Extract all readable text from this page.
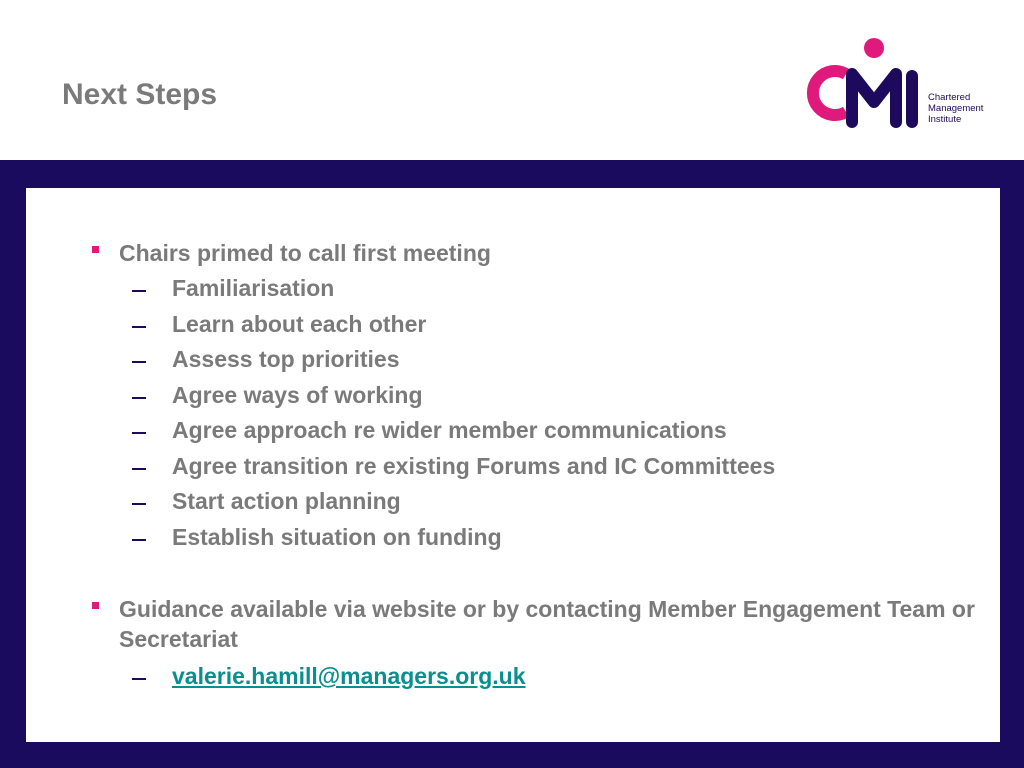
Next Steps	Chartered
Management
Institute
Chairs primed to call first meeting
Familiarisation
Learn about each other
Assess top priorities
Agree ways of working
Agree approach re wider member communications
Agree transition re existing Forums and IC Committees
Start action planning
Establish situation on funding
Guidance available via website or by contacting Member Engagement Team or Secretariat
valerie.hamill@managers.org.uk
